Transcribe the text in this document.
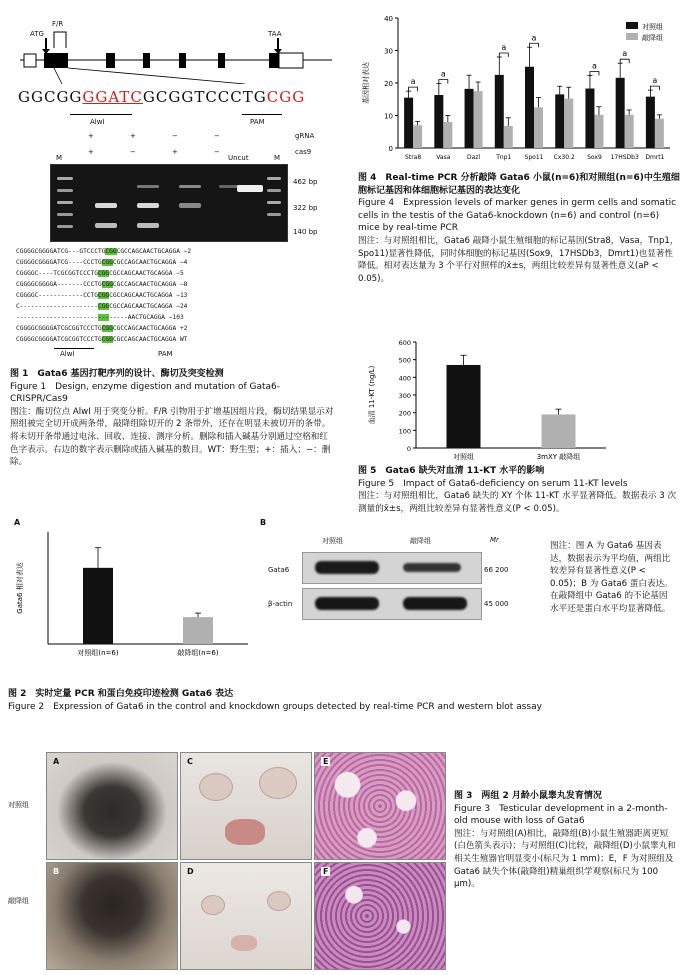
ATG
F/R
TAA
GGCGGGGATCGCGGTCCCTGCGG
AlwI	PAM
gRNA
cas9
+	+	−	−
+	−	+	−
M	Uncut	M
462 bp
322 bp
140 bp
CGGGGCGGGGATCG---GTCCCTGCGGCGCCAGCAACTGCAGGA −2
CGGGGCGGGGATCG----CCCTGCGGCGCCAGCAACTGCAGGA −4
CGGGGC----TCGCGGTCCCTGCGGCGCCAGCAACTGCAGGA −5
CGGGGCGGGGA-------CCCTGCGGCGCCAGCAACTGCAGGA −8
CGGGGC------------CCTGCGGCGCCAGCAACTGCAGGA −13
C---------------------CGGCGCCAGCAACTGCAGGA −24
------------------------------AACTGCAGGA −103
CGGGGCGGGGATCGCGGTCCCTGCGGCGCCAGCAACTGCAGGA +2
CGGGGCGGGGATCGCGGTCCCTGCGGCGCCAGCAACTGCAGGA WT
AlwI	PAM
图 1　Gata6 基因打靶序列的设计、酶切及突变检测
Figure 1　Design, enzyme digestion and mutation of Gata6-CRISPR/Cas9
图注：酶切位点 AlwI 用于突变分析。F/R 引物用于扩增基因组片段，酶切结果显示对照组被完全切开成两条带，敲降组除切开的 2 条带外，还存在明显未被切开的条带。将未切开条带通过电泳、回收、连接、测序分析。删除和插入碱基分别通过空格和红色字表示。右边的数字表示删除或插入碱基的数目。WT：野生型；+：插入；−：删除。
0
10
20
30
40
基因相对表达
Stra8	Vasa	Dazl	Tnp1 Spo11 Cx30.2 Sox9 17HSDb3 Dmrt1
a
a
a
a
a
a
a
对照组
敲降组
图 4　Real-time PCR 分析敲降 Gata6 小鼠(n=6)和对照组(n=6)中生殖细胞标记基因和体细胞标记基因的表达变化
Figure 4　Expression levels of marker genes in germ cells and somatic cells in the testis of the Gata6-knockdown (n=6) and control (n=6) mice by real-time PCR
图注：与对照组相比，Gata6 敲降小鼠生殖细胞的标记基因(Stra8，Vasa，Tnp1，Spo11)显著性降低，同时体细胞的标记基因(Sox9，17HSDb3，Dmrt1)也显著性降低。相对表达量为 3 个平行对照样的x̄±s，两组比较差异有显著性意义(aP < 0.05)。
0
100
200
300
400
500
600
血清 11-KT (ng/L)
对照组	3mXY 敲降组
图 5　Gata6 缺失对血清 11-KT 水平的影响
Figure 5　Impact of Gata6-deficiency on serum 11-KT levels
图注：与对照组相比，Gata6 缺失的 XY 个体 11-KT 水平显著降低。数据表示 3 次测量的x̄±s，两组比较差异有显著性意义(P < 0.05)。
A
Gata6 相对表达
对照组(n=6)	敲降组(n=6)
B
对照组	敲降组	Mr
Gata6
β-actin
66 200
45 000
图注：图 A 为 Gata6 基因表达，数据表示为平均值，两组比较差异有显著性意义(P < 0.05)；B 为 Gata6 蛋白表达。在敲降组中 Gata6 的不论基因水平还是蛋白水平均显著降低。
图 2　实时定量 PCR 和蛋白免疫印迹检测 Gata6 表达
Figure 2　Expression of Gata6 in the control and knockdown groups detected by real-time PCR and western blot assay
对照组
敲降组
A
B
C
D
E
F
图 3　两组 2 月龄小鼠睾丸发育情况
Figure 3　Testicular development in a 2-month-old mouse with loss of Gata6
图注：与对照组(A)相比，敲降组(B)小鼠生殖器距离更短(白色箭头表示)；与对照组(C)比较，敲降组(D)小鼠睾丸和相关生殖器官明显变小(标尺为 1 mm)；E，F 为对照组及 Gata6 缺失个体(敲降组)精巢组织学观察(标尺为 100 μm)。
